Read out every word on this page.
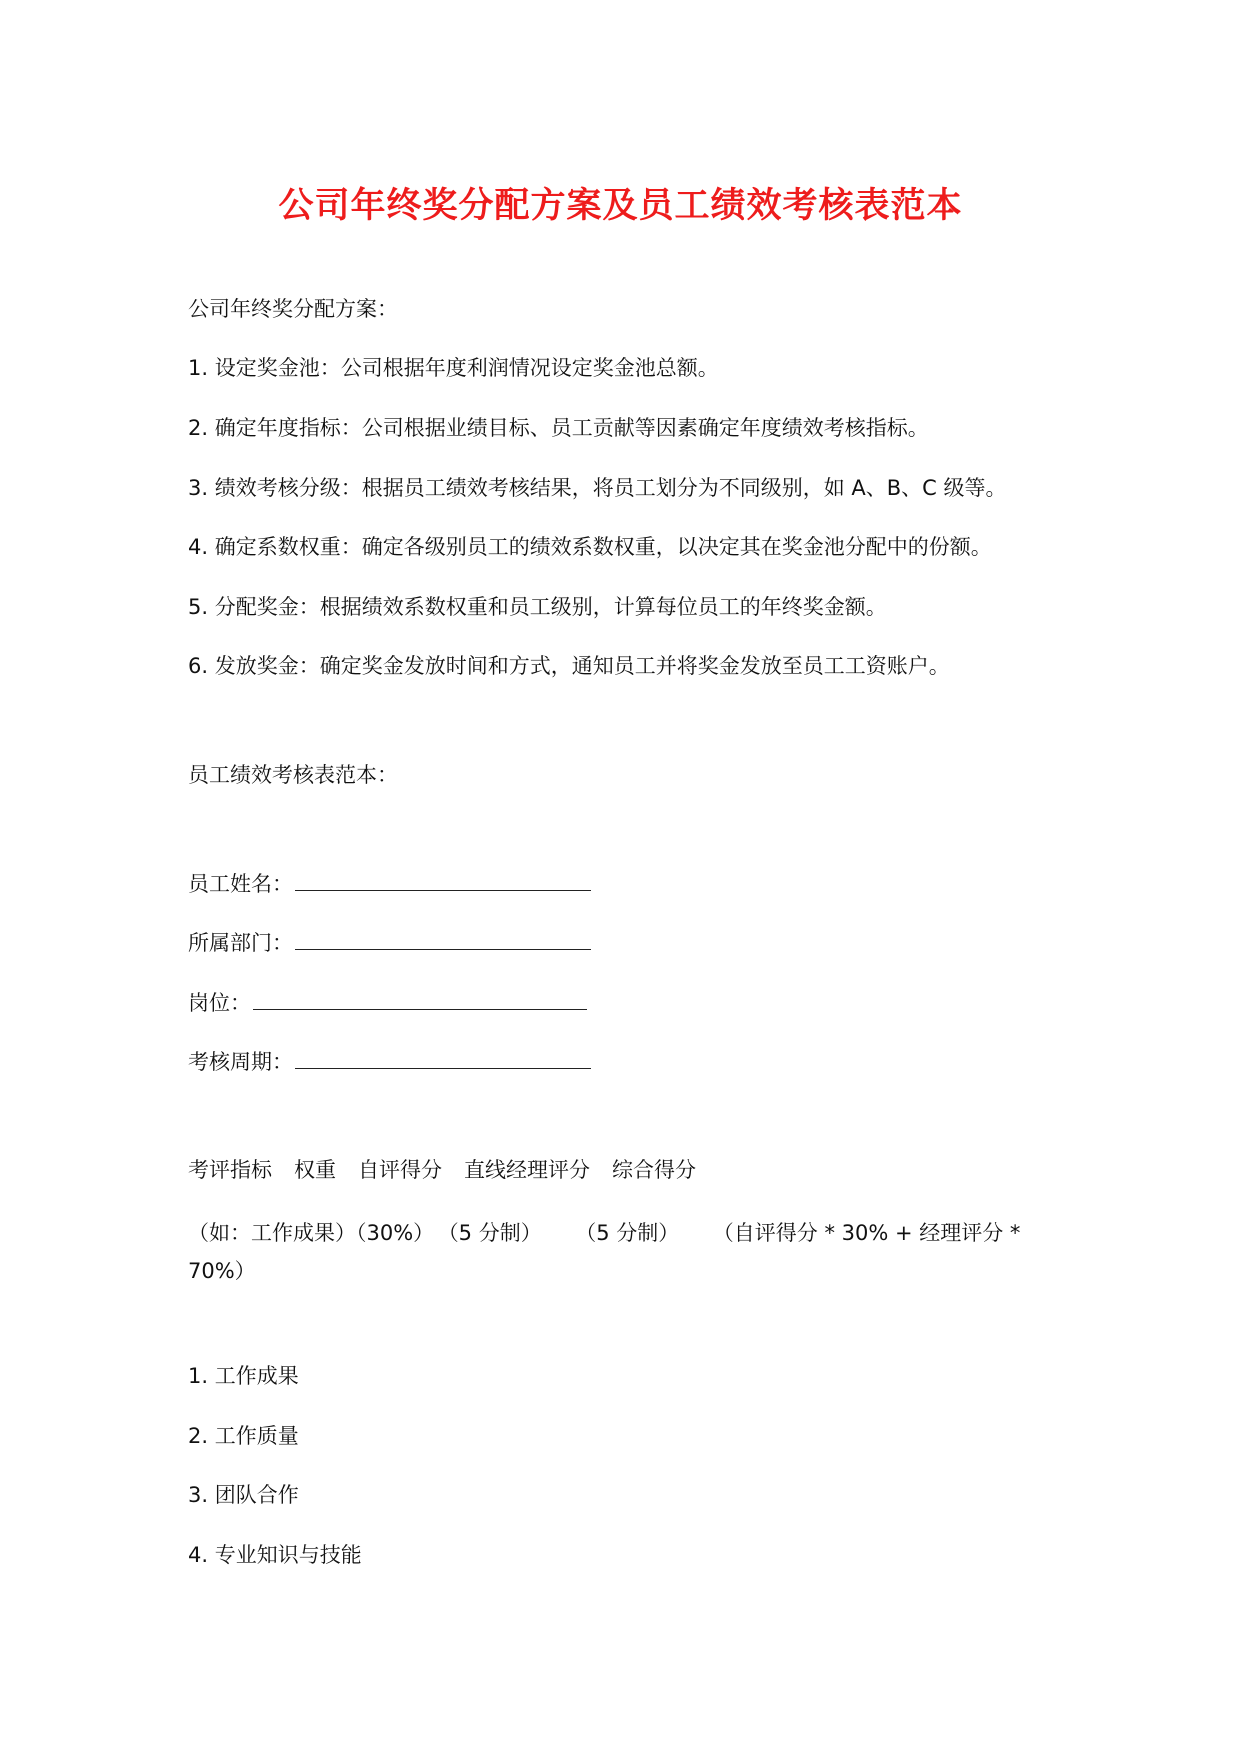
公司年终奖分配方案及员工绩效考核表范本
公司年终奖分配方案：
1. 设定奖金池：公司根据年度利润情况设定奖金池总额。
2. 确定年度指标：公司根据业绩目标、员工贡献等因素确定年度绩效考核指标。
3. 绩效考核分级：根据员工绩效考核结果，将员工划分为不同级别，如 A、B、C 级等。
4. 确定系数权重：确定各级别员工的绩效系数权重，以决定其在奖金池分配中的份额。
5. 分配奖金：根据绩效系数权重和员工级别，计算每位员工的年终奖金额。
6. 发放奖金：确定奖金发放时间和方式，通知员工并将奖金发放至员工工资账户。
员工绩效考核表范本：
员工姓名：
所属部门：
岗位：
考核周期：
考评指标 权重 自评得分 直线经理评分 综合得分
（如：工作成果）（30%） （5 分制） （5 分制） （自评得分 * 30% + 经理评分 * 70%）
1. 工作成果
2. 工作质量
3. 团队合作
4. 专业知识与技能
